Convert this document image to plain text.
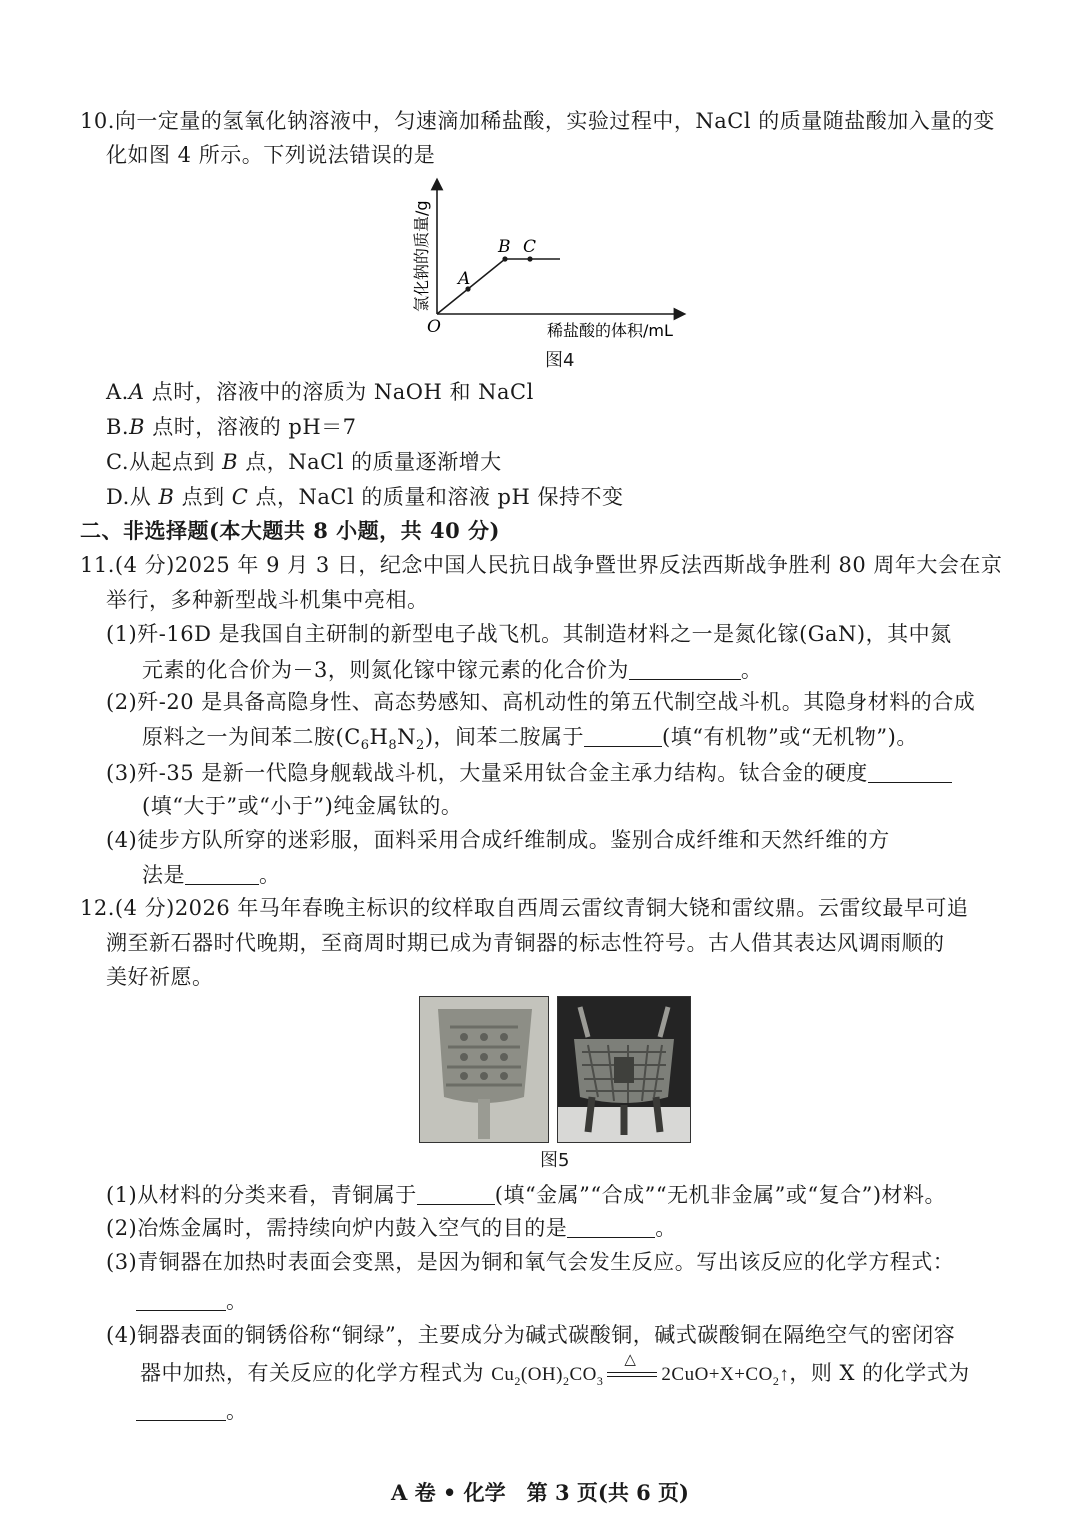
10.向一定量的氢氧化钠溶液中，匀速滴加稀盐酸，实验过程中，NaCl 的质量随盐酸加入量的变
化如图 4 所示。下列说法错误的是
A
B C
O	稀盐酸的体积/mL
氯化钠的质量/g
图4
A.A 点时，溶液中的溶质为 NaOH 和 NaCl
B.B 点时，溶液的 pH＝7
C.从起点到 B 点，NaCl 的质量逐渐增大
D.从 B 点到 C 点，NaCl 的质量和溶液 pH 保持不变
二、非选择题(本大题共 8 小题，共 40 分)
11.(4 分)2025 年 9 月 3 日，纪念中国人民抗日战争暨世界反法西斯战争胜利 80 周年大会在京
举行，多种新型战斗机集中亮相。
(1)歼-16D 是我国自主研制的新型电子战飞机。其制造材料之一是氮化镓(GaN)，其中氮
元素的化合价为－3，则氮化镓中镓元素的化合价为	。
(2)歼-20 是具备高隐身性、高态势感知、高机动性的第五代制空战斗机。其隐身材料的合成
原料之一为间苯二胺$(C_6H_8N_2)$，间苯二胺属于	(填“有机物”或“无机物”)。
(3)歼-35 是新一代隐身舰载战斗机，大量采用钛合金主承力结构。钛合金的硬度
(填“大于”或“小于”)纯金属钛的。
(4)徒步方队所穿的迷彩服，面料采用合成纤维制成。鉴别合成纤维和天然纤维的方
法是	。
12.(4 分)2026 年马年春晚主标识的纹样取自西周云雷纹青铜大铙和雷纹鼎。云雷纹最早可追
溯至新石器时代晚期，至商周时期已成为青铜器的标志性符号。古人借其表达风调雨顺的
美好祈愿。
图5
(1)从材料的分类来看，青铜属于	(填“金属”“合成”“无机非金属”或“复合”)材料。
(2)冶炼金属时，需持续向炉内鼓入空气的目的是	。
(3)青铜器在加热时表面会变黑，是因为铜和氧气会发生反应。写出该反应的化学方程式：
。
(4)铜器表面的铜锈俗称“铜绿”，主要成分为碱式碳酸铜，碱式碳酸铜在隔绝空气的密闭容
器中加热，有关反应的化学方程式为 $Cu_2(OH)_2CO_3$
△
$2CuO+X+CO_2↑$，则 X 的化学式为
。
A 卷 • 化学　第 3 页(共 6 页)
